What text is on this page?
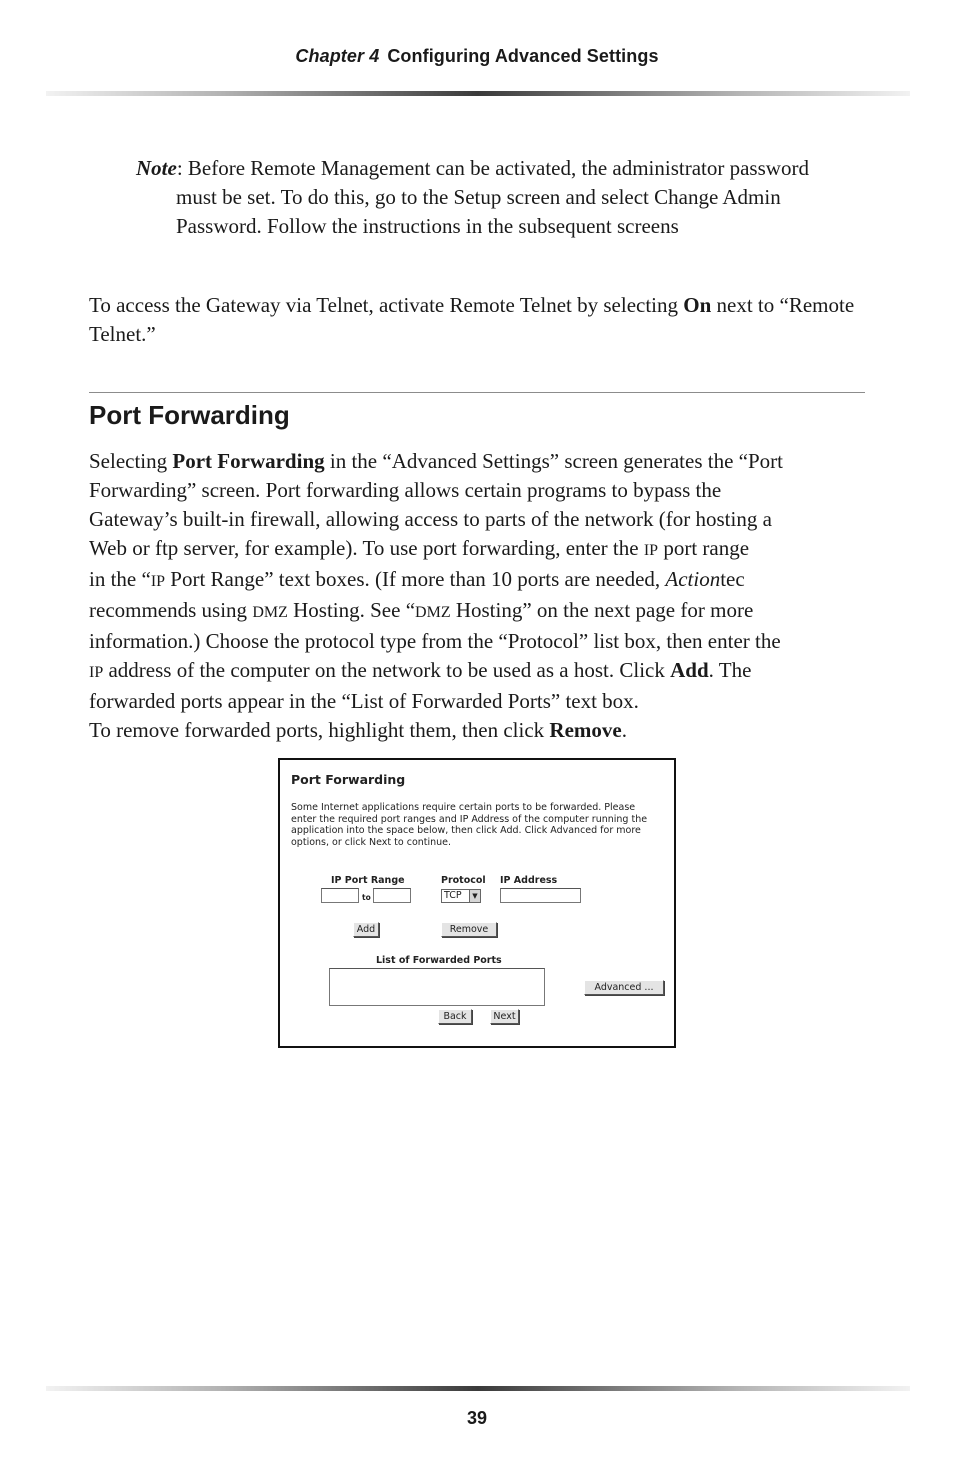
Chapter 4 Configuring Advanced Settings
Note: Before Remote Management can be activated, the administrator password must be set. To do this, go to the Setup screen and select Change Admin Password. Follow the instructions in the subsequent screens
To access the Gateway via Telnet, activate Remote Telnet by selecting On next to “Remote Telnet.”
Port Forwarding
Selecting Port Forwarding in the “Advanced Settings” screen generates the “Port
Forwarding” screen. Port forwarding allows certain programs to bypass the
Gateway’s built-in firewall, allowing access to parts of the network (for hosting a
Web or ftp server, for example). To use port forwarding, enter the IP port range
in the “IP Port Range” text boxes. (If more than 10 ports are needed, Actiontec
recommends using DMZ Hosting. See “DMZ Hosting” on the next page for more
information.) Choose the protocol type from the “Protocol” list box, then enter the
IP address of the computer on the network to be used as a host. Click Add. The
forwarded ports appear in the “List of Forwarded Ports” text box.
To remove forwarded ports, highlight them, then click Remove.
Port Forwarding
Some Internet applications require certain ports to be forwarded. Please enter the required port ranges and IP Address of the computer running the application into the space below, then click Add. Click Advanced for more options, or click Next to continue.
IP Port Range
to
Protocol
TCP	▼
IP Address
Add	Remove
List of Forwarded Ports
Advanced ...
Back	Next
39
